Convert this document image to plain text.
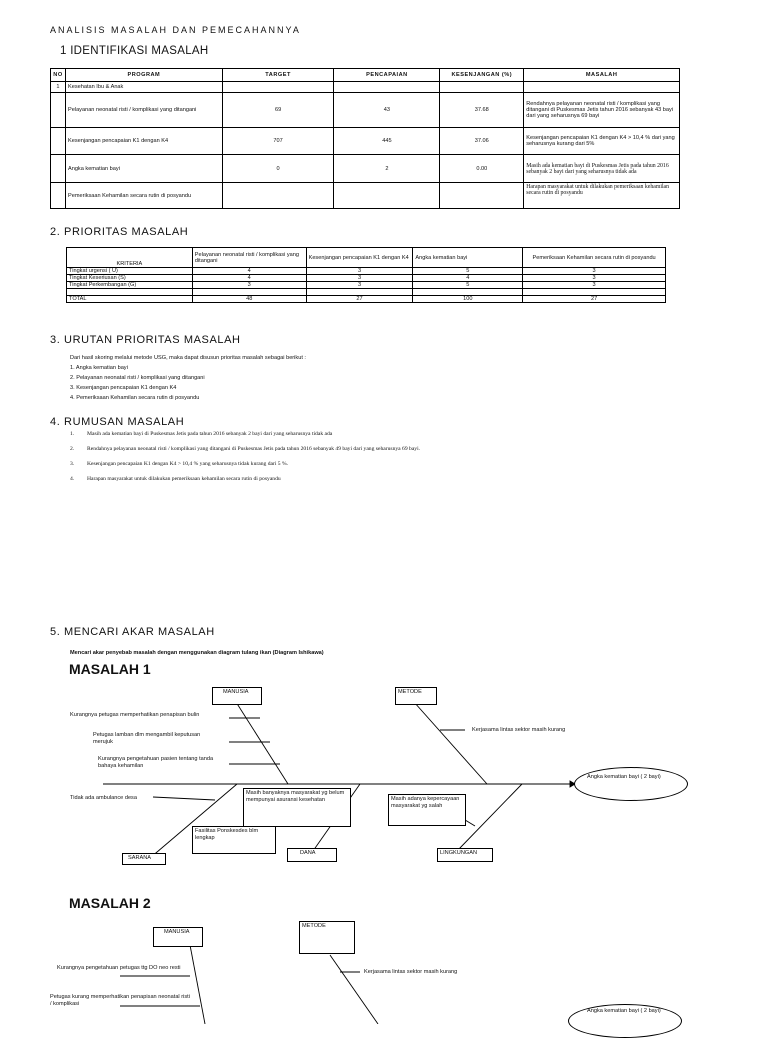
ANALISIS MASALAH DAN PEMECAHANNYA
1 IDENTIFIKASI MASALAH
NO	PROGRAM	TARGET	PENCAPAIAN	KESENJANGAN (%)	MASALAH
1	Kesehatan Ibu & Anak				
	Pelayanan neonatal risti / komplikasi yang ditangani	69	43	37.68	Rendahnya pelayanan neonatal risti / komplikasi yang ditangani di Puskesmas Jetis tahun 2016 sebanyak 43 bayi dari yang seharusnya 69 bayi
	Kesenjangan pencapaian K1 dengan K4	707	445	37.06	Kesenjangan pencapaian K1 dengan K4 > 10,4 % dari yang seharusnya kurang dari 5%
	Angka kematian bayi	0	2	0.00	Masih ada kematian bayi di Puskesmas Jetis pada tahun 2016 sebanyak 2 bayi dari yang seharusnya tidak ada
	Pemeriksaan Kehamilan secara rutin di posyandu				Harapan masyarakat untuk dilakukan pemeriksaan kehamilan secara rutin di posyandu
2. PRIORITAS MASALAH
KRITERIA	Pelayanan neonatal risti / komplikasi yang ditangani	Kesenjangan pencapaian K1 dengan K4	Angka kematian bayi	Pemeriksaan Kehamilan secara rutin di posyandu
Tingkat urgensi ( U)	4	3	5	3
Tingkat Keseriusan (S)	4	3	4	3
Tingkat Perkembangan (G)	3	3	5	3

TOTAL	48	27	100	27
3. URUTAN PRIORITAS MASALAH
Dari hasil skoring melalui metode USG, maka dapat disusun prioritas masalah sebagai berikut :
1. Angka kematian bayi
2. Pelayanan neonatal risti / komplikasi yang ditangani
3. Kesenjangan pencapaian K1 dengan K4
4. Pemeriksaan Kehamilan secara rutin di posyandu
4. RUMUSAN MASALAH
1. Masih ada kematian bayi di Puskesmas Jetis pada tahun 2016 sebanyak 2 bayi dari yang seharusnya tidak ada
2. Rendahnya pelayanan neonatal risti / komplikasi yang ditangani di Puskesmas Jetis pada tahun 2016 sebanyak 49 bayi dari yang seharusnya 69 bayi.
3. Kesenjangan pencapaian K1 dengan K4 > 10,4 % yang seharusnya tidak kurang dari 5 %.
4. Harapan masyarakat untuk dilakukan pemeriksaan kehamilan secara rutin di posyandu
5. MENCARI AKAR MASALAH
Mencari akar penyebab masalah dengan menggunakan diagram tulang ikan (Diagram Ishikawa)
MASALAH 1
MASALAH 2
MANUSIA	METODE
Masih banyaknya masyarakat yg belum mempunyai asuransi kesehatan	Masih adanya kepercayaan masyarakat yg salah
Fasilitas Ponskesdes blm lengkap
SARANA
DANA	LINGKUNGAN
Angka kematian bayi ( 2 bayi)
Kurangnya petugas memperhatikan penapisan bulin
Petugas lamban dlm mengambil keputusan merujuk
Kurangnya pengetahuan pasien tentang tanda bahaya kehamilan
Kerjasama lintas sektor masih kurang
Tidak ada ambulance desa
MANUSIA
METODE
Kurangnya pengetahuan petugas ttg DO neo resti
Kerjasama lintas sektor masih kurang
Petugas kurang memperhatikan penapisan neonatal risti / komplikasi
Angka kematian bayi ( 2 bayi)
